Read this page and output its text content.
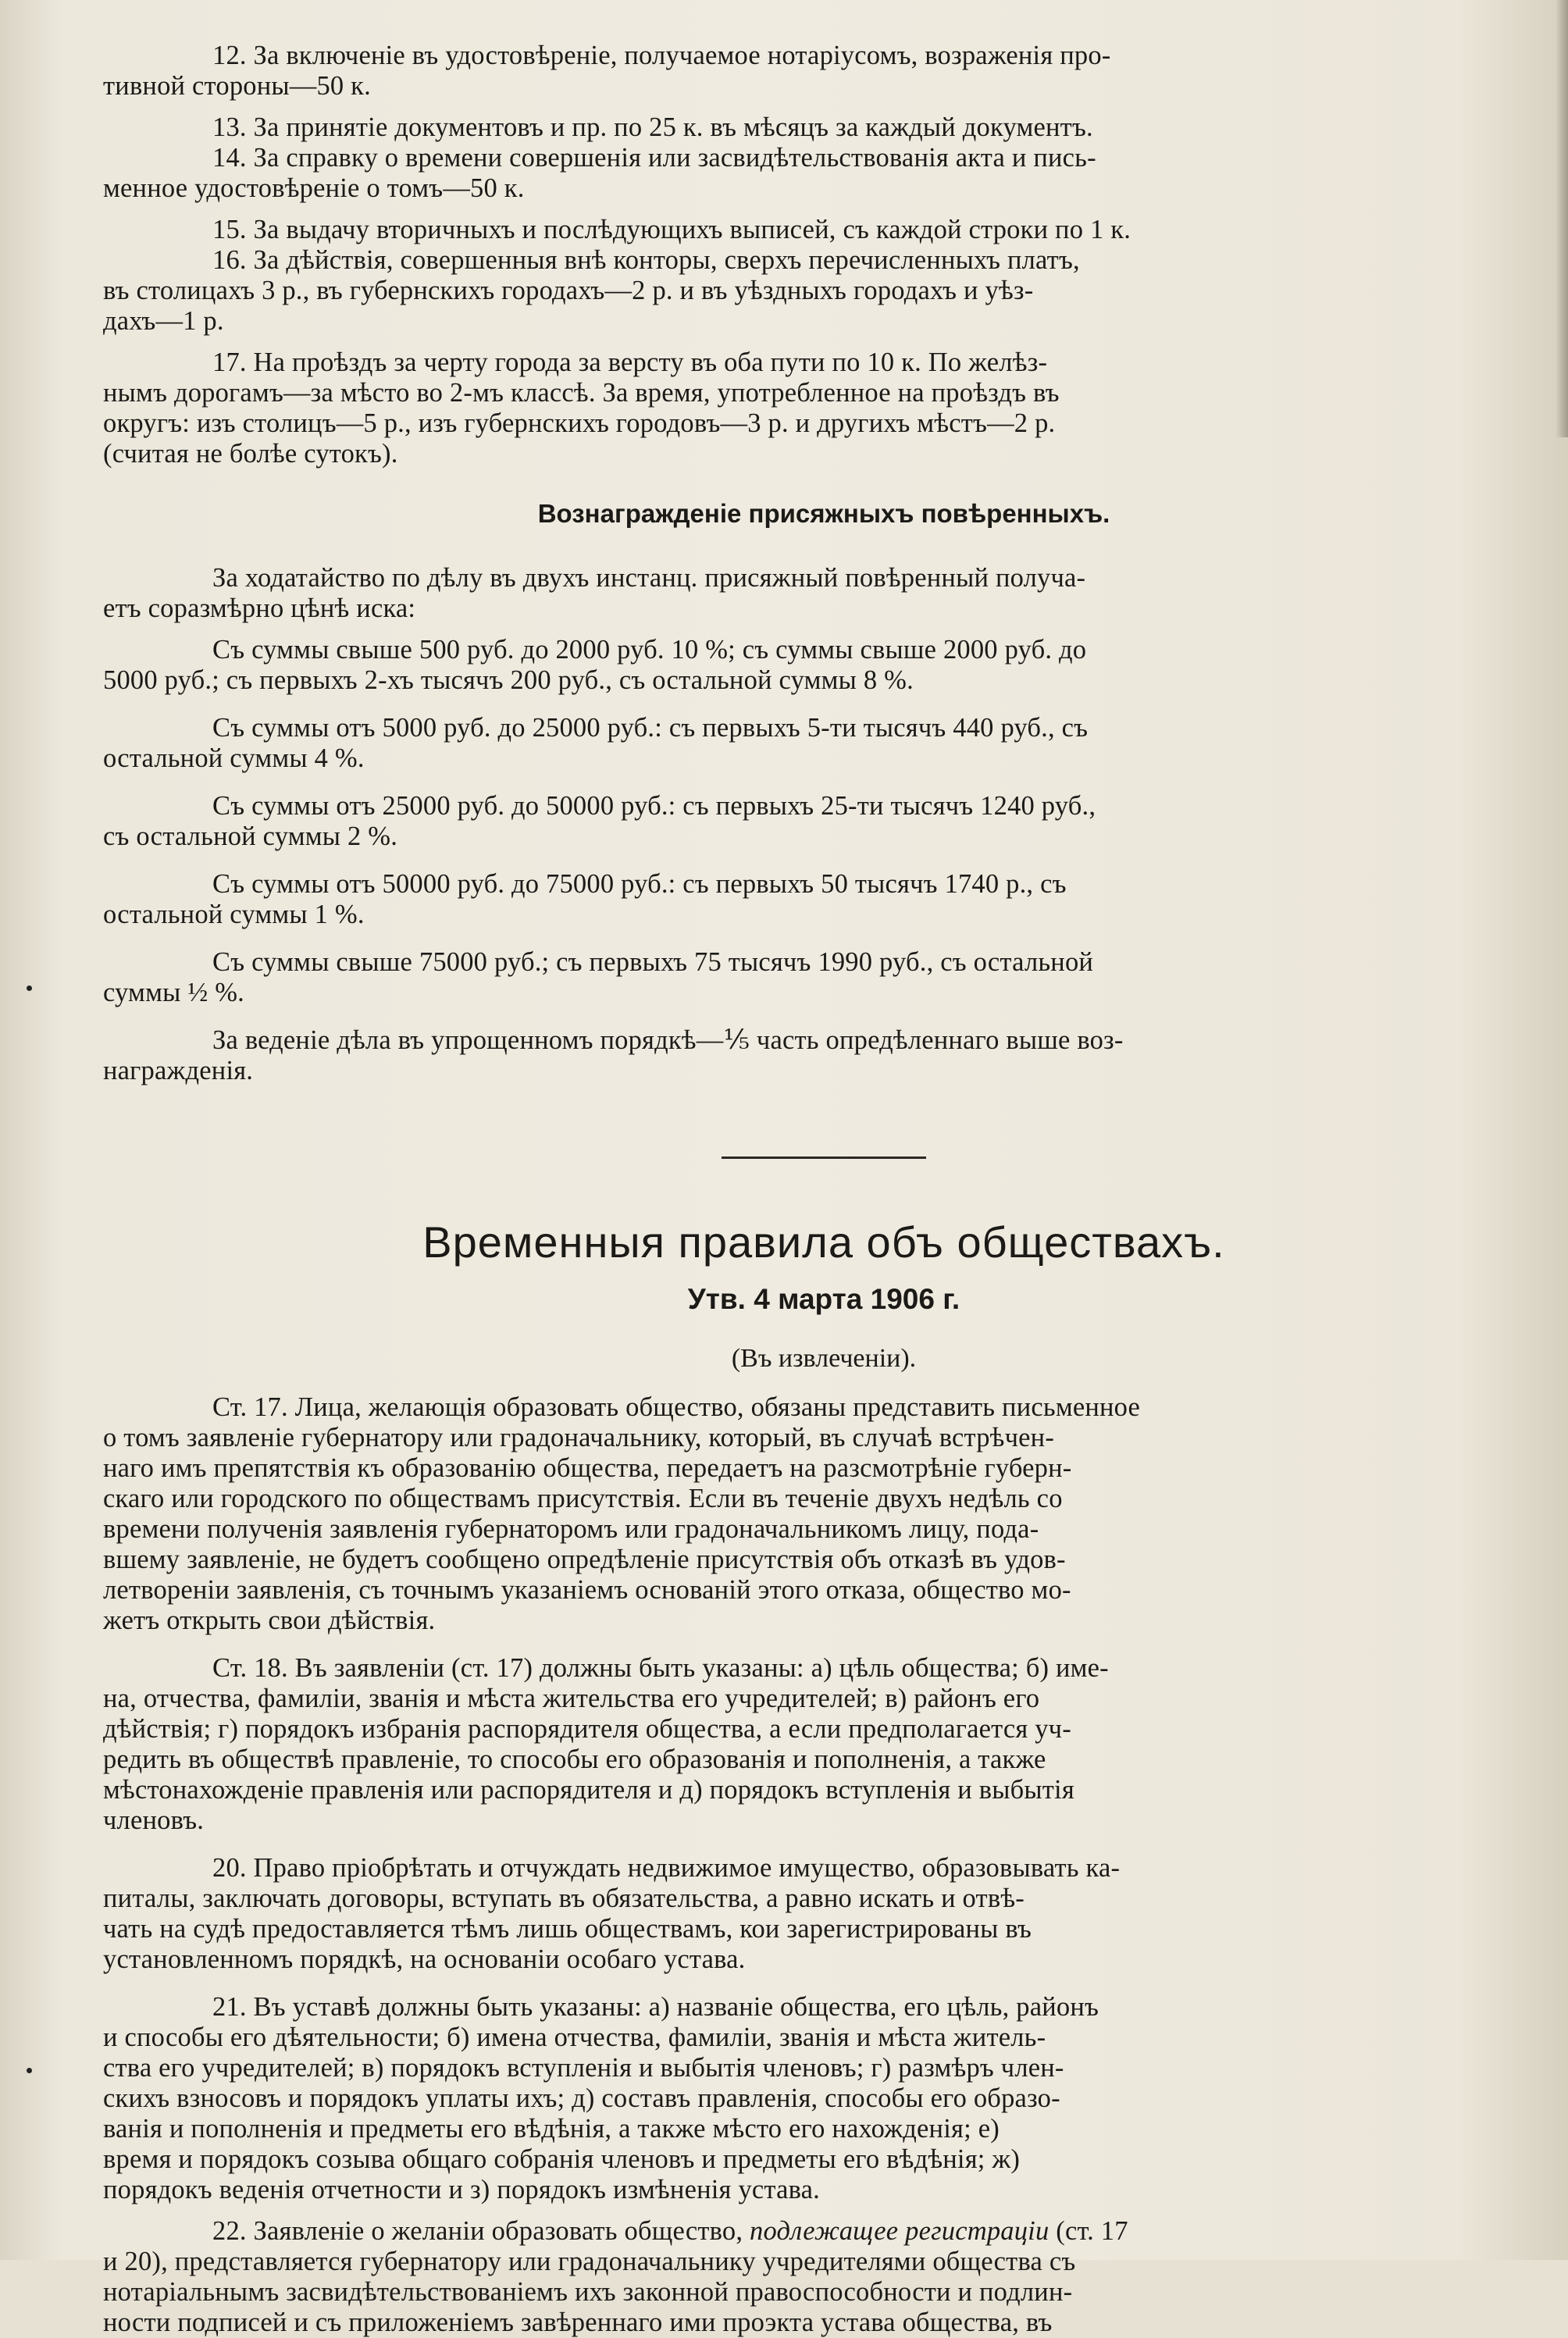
12. За включеніе въ удостовѣреніе, получаемое нотаріусомъ, возраженія про-

тивной стороны—50 к.

13. За принятіе документовъ и пр. по 25 к. въ мѣсяцъ за каждый документъ.

14. За справку о времени совершенія или засвидѣтельствованія акта и пись-

менное удостовѣреніе о томъ—50 к.

15. За выдачу вторичныхъ и послѣдующихъ выписей, съ каждой строки по 1 к.

16. За дѣйствія, совершенныя внѣ конторы, сверхъ перечисленныхъ платъ,

въ столицахъ 3 р., въ губернскихъ городахъ—2 р. и въ уѣздныхъ городахъ и уѣз-

дахъ—1 р.

17. На проѣздъ за черту города за версту въ оба пути по 10 к. По желѣз-

нымъ дорогамъ—за мѣсто во 2-мъ классѣ. За время, употребленное на проѣздъ въ

округъ: изъ столицъ—5 р., изъ губернскихъ городовъ—3 р. и другихъ мѣстъ—2 р.

(считая не болѣе сутокъ).

Вознагражденіе присяжныхъ повѣренныхъ.

За ходатайство по дѣлу въ двухъ инстанц. присяжный повѣренный получа-

етъ соразмѣрно цѣнѣ иска:

Съ суммы свыше 500 руб. до 2000 руб. 10 %; съ суммы свыше 2000 руб. до

5000 руб.; съ первыхъ 2-хъ тысячъ 200 руб., съ остальной суммы 8 %.

Съ суммы отъ 5000 руб. до 25000 руб.: съ первыхъ 5-ти тысячъ 440 руб., съ

остальной суммы 4 %.

Съ суммы отъ 25000 руб. до 50000 руб.: съ первыхъ 25-ти тысячъ 1240 руб.,

съ остальной суммы 2 %.

Съ суммы отъ 50000 руб. до 75000 руб.: съ первыхъ 50 тысячъ 1740 р., съ

остальной суммы 1 %.

Съ суммы свыше 75000 руб.; съ первыхъ 75 тысячъ 1990 руб., съ остальной

суммы ½ %.

За веденіе дѣла въ упрощенномъ порядкѣ—⅕ часть опредѣленнаго выше воз-

награжденія.

Временныя правила объ обществахъ.
Утв. 4 марта 1906 г.
(Въ извлеченіи).

Ст. 17. Лица, желающія образовать общество, обязаны представить письменное

о томъ заявленіе губернатору или градоначальнику, который, въ случаѣ встрѣчен-

наго имъ препятствія къ образованію общества, передаетъ на разсмотрѣніе губерн-

скаго или городского по обществамъ присутствія. Если въ теченіе двухъ недѣль со

времени полученія заявленія губернаторомъ или градоначальникомъ лицу, пода-

вшему заявленіе, не будетъ сообщено опредѣленіе присутствія объ отказѣ въ удов-

летвореніи заявленія, съ точнымъ указаніемъ основаній этого отказа, общество мо-

жетъ открыть свои дѣйствія.

Ст. 18. Въ заявленіи (ст. 17) должны быть указаны: а) цѣль общества; б) име-

на, отчества, фамиліи, званія и мѣста жительства его учредителей; в) районъ его

дѣйствія; г) порядокъ избранія распорядителя общества, а если предполагается уч-

редить въ обществѣ правленіе, то способы его образованія и пополненія, а также

мѣстонахожденіе правленія или распорядителя и д) порядокъ вступленія и выбытія

членовъ.

20. Право пріобрѣтать и отчуждать недвижимое имущество, образовывать ка-

питалы, заключать договоры, вступать въ обязательства, а равно искать и отвѣ-

чать на судѣ предоставляется тѣмъ лишь обществамъ, кои зарегистрированы въ

установленномъ порядкѣ, на основаніи особаго устава.

21. Въ уставѣ должны быть указаны: а) названіе общества, его цѣль, районъ

и способы его дѣятельности; б) имена отчества, фамиліи, званія и мѣста житель-

ства его учредителей; в) порядокъ вступленія и выбытія членовъ; г) размѣръ член-

скихъ взносовъ и порядокъ уплаты ихъ; д) составъ правленія, способы его образо-

ванія и пополненія и предметы его вѣдѣнія, а также мѣсто его нахожденія; е)

время и порядокъ созыва общаго собранія членовъ и предметы его вѣдѣнія; ж)

порядокъ веденія отчетности и з) порядокъ измѣненія устава.

22. Заявленіе о желаніи образовать общество, подлежащее регистраціи (ст. 17

и 20), представляется губернатору или градоначальнику учредителями общества съ

нотаріальнымъ засвидѣтельствованіемъ ихъ законной правоспособности и подлин-

ности подписей и съ приложеніемъ завѣреннаго ими проэкта устава общества, въ
